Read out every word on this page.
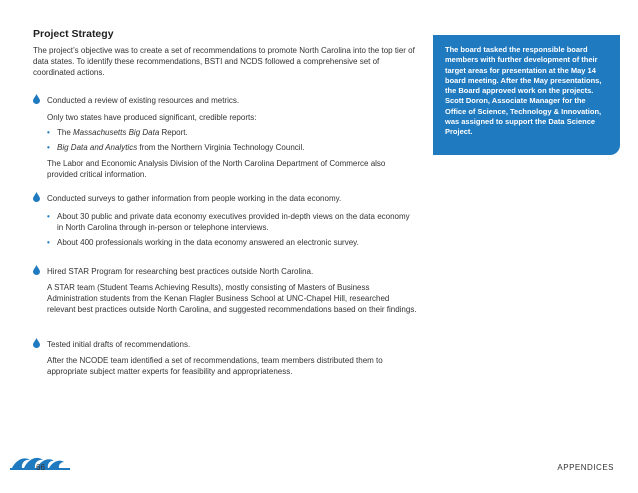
Project Strategy
The project’s objective was to create a set of recommendations to promote North Carolina into the top tier of data states. To identify these recommendations, BSTI and NCDS followed a comprehensive set of coordinated actions.
Conducted a review of existing resources and metrics.
Only two states have produced significant, credible reports:
• The Massachusetts Big Data Report.
• Big Data and Analytics from the Northern Virginia Technology Council.
The Labor and Economic Analysis Division of the North Carolina Department of Commerce also provided critical information.
Conducted surveys to gather information from people working in the data economy.
• About 30 public and private data economy executives provided in-depth views on the data economy in North Carolina through in-person or telephone interviews.
• About 400 professionals working in the data economy answered an electronic survey.
Hired STAR Program for researching best practices outside North Carolina.
A STAR team (Student Teams Achieving Results), mostly consisting of Masters of Business Administration students from the Kenan Flagler Business School at UNC-Chapel Hill, researched relevant best practices outside North Carolina, and suggested recommendations based on their findings.
Tested initial drafts of recommendations.
After the NCODE team identified a set of recommendations, team members distributed them to appropriate subject matter experts for feasibility and appropriateness.
The board tasked the responsible board members with further development of their target areas for presentation at the May 14 board meeting. After the May presentations, the Board approved work on the projects. Scott Doron, Associate Manager for the Office of Science, Technology & Innovation, was assigned to support the Data Science Project.
66	APPENDICES
